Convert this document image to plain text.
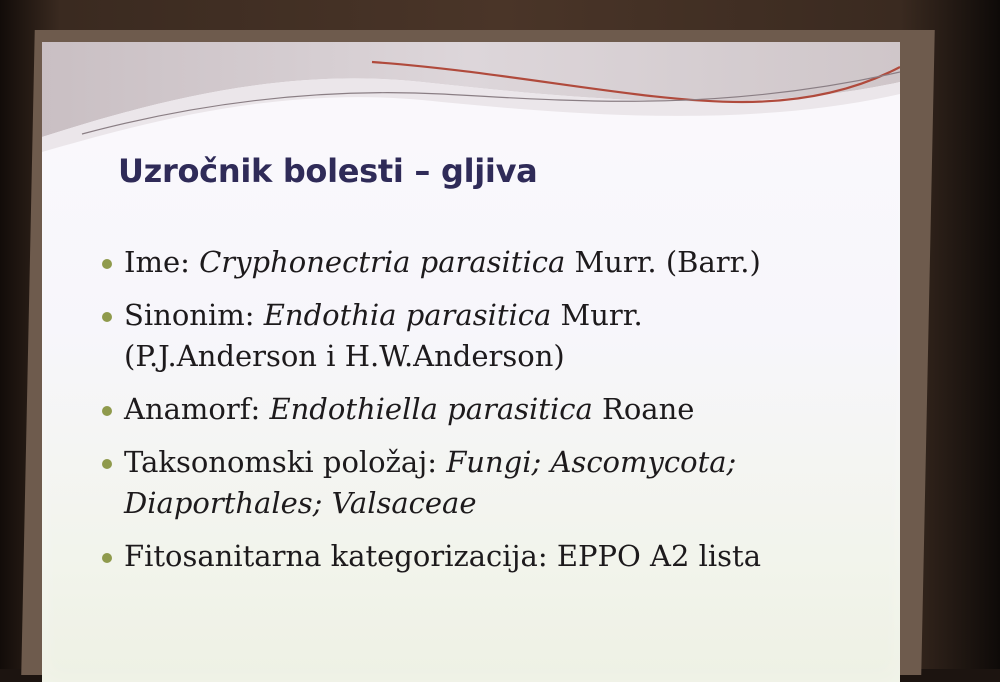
Uzročnik bolesti – gljiva
Ime: Cryphonectria parasitica Murr. (Barr.)
Sinonim: Endothia parasitica Murr.
(P.J.Anderson i H.W.Anderson)
Anamorf: Endothiella parasitica Roane
Taksonomski položaj: Fungi; Ascomycota;
Diaporthales; Valsaceae
Fitosanitarna kategorizacija: EPPO A2 lista
